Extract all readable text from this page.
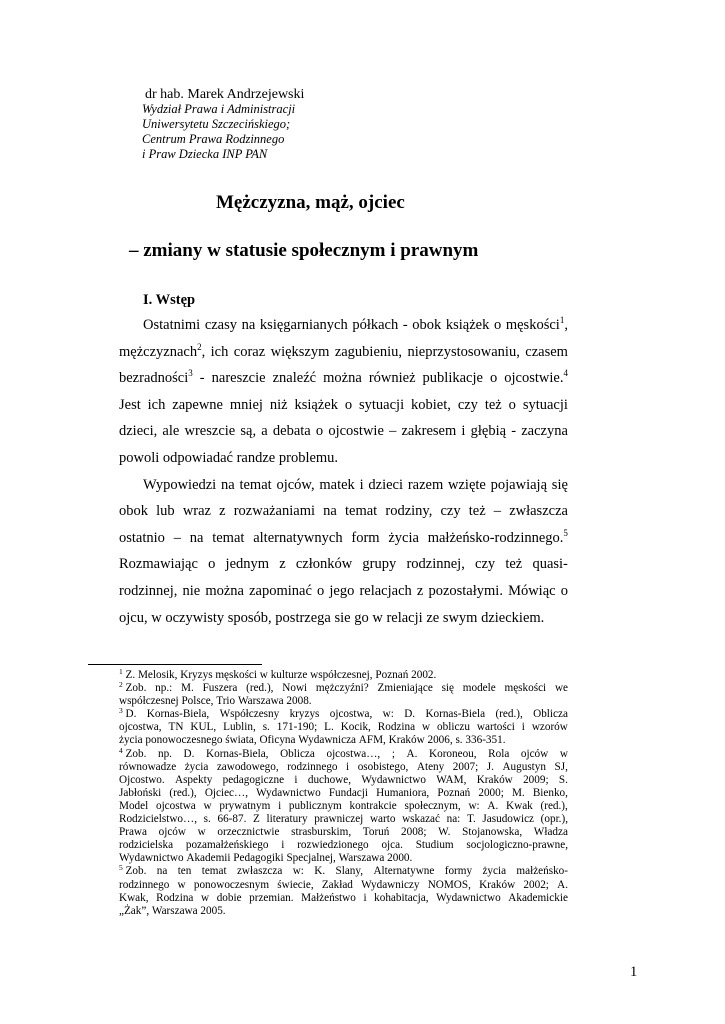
dr hab. Marek Andrzejewski
Wydział Prawa i Administracji
Uniwersytetu Szczecińskiego;
Centrum Prawa Rodzinnego
i Praw Dziecka INP PAN
Mężczyzna, mąż, ojciec
– zmiany w statusie społecznym i prawnym
I. Wstęp
Ostatnimi czasy na księgarnianych półkach - obok książek o męskości$^1$,
mężczyznach$^2$, ich coraz większym zagubieniu, nieprzystosowaniu, czasem
bezradności$^3$ - nareszcie znaleźć można również publikacje o ojcostwie.$^4$
Jest ich zapewne mniej niż książek o sytuacji kobiet, czy też o sytuacji
dzieci, ale wreszcie są, a debata o ojcostwie – zakresem i głębią - zaczyna
powoli
odpowiadać
randze
problemu.
Wypowiedzi na temat ojców, matek i dzieci razem wzięte pojawiają się
obok lub wraz z rozważaniami na temat rodziny, czy też – zwłaszcza
ostatnio – na temat alternatywnych form życia małżeńsko-rodzinnego.$^5$
Rozmawiając o jednym z członków grupy rodzinnej, czy też quasi-
rodzinnej, nie można zapominać o jego relacjach z pozostałymi. Mówiąc o
ojcu,
w
oczywisty
sposób,
postrzega
sie
go
w
relacji
ze
swym
dzieckiem.
$^1$ Z.
Melosik,
Kryzys
męskości
w
kulturze
współczesnej,
Poznań
2002.
$^2$ Zob. np.: M. Fuszera (red.), Nowi mężczyźni? Zmieniające się modele męskości we
współczesnej
Polsce,
Trio
Warszawa
2008.
$^3$ D. Kornas-Biela, Współczesny kryzys ojcostwa, w: D. Kornas-Biela (red.), Oblicza
ojcostwa, TN KUL, Lublin, s. 171-190; L. Kocik, Rodzina w obliczu wartości i wzorów
życia
ponowoczesnego
świata,
Oficyna
Wydawnicza
AFM,
Kraków
2006,
s.
336-351.
$^4$ Zob. np. D. Kornas-Biela, Oblicza ojcostwa…, ; A. Koroneou, Rola ojców w
równowadze życia zawodowego, rodzinnego i osobistego, Ateny 2007; J. Augustyn SJ,
Ojcostwo. Aspekty pedagogiczne i duchowe, Wydawnictwo WAM, Kraków 2009; S.
Jabłoński (red.), Ojciec…, Wydawnictwo Fundacji Humaniora, Poznań 2000; M. Bienko,
Model ojcostwa w prywatnym i publicznym kontrakcie społecznym, w: A. Kwak (red.),
Rodzicielstwo…, s. 66-87. Z literatury prawniczej warto wskazać na: T. Jasudowicz (opr.),
Prawa ojców w orzecznictwie strasburskim, Toruń 2008; W. Stojanowska, Władza
rodzicielska pozamałżeńskiego i rozwiedzionego ojca. Studium socjologiczno-prawne,
Wydawnictwo
Akademii
Pedagogiki
Specjalnej,
Warszawa
2000.
$^5$ Zob. na ten temat zwłaszcza w: K. Slany, Alternatywne formy życia małżeńsko-
rodzinnego w ponowoczesnym świecie, Zakład Wydawniczy NOMOS, Kraków 2002; A.
Kwak, Rodzina w dobie przemian. Małżeństwo i kohabitacja, Wydawnictwo Akademickie
„Żak”,
Warszawa
2005.
1
